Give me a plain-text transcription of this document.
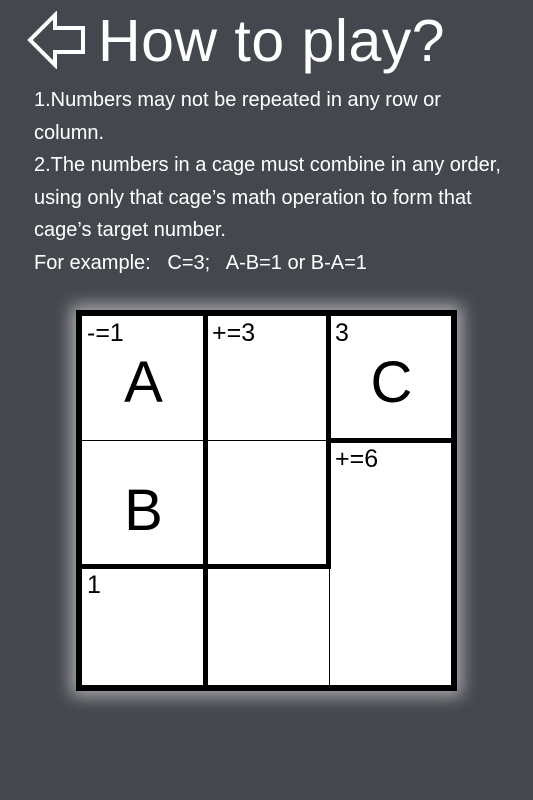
How to play?

1.Numbers may not be repeated in any row or column.

2.The numbers in a cage must combine in any order, using only that cage’s math operation to form that cage’s target number.

For example:   C=3;   A-B=1 or B-A=1

-=1
A
+=3	3
C
B
+=6
1
